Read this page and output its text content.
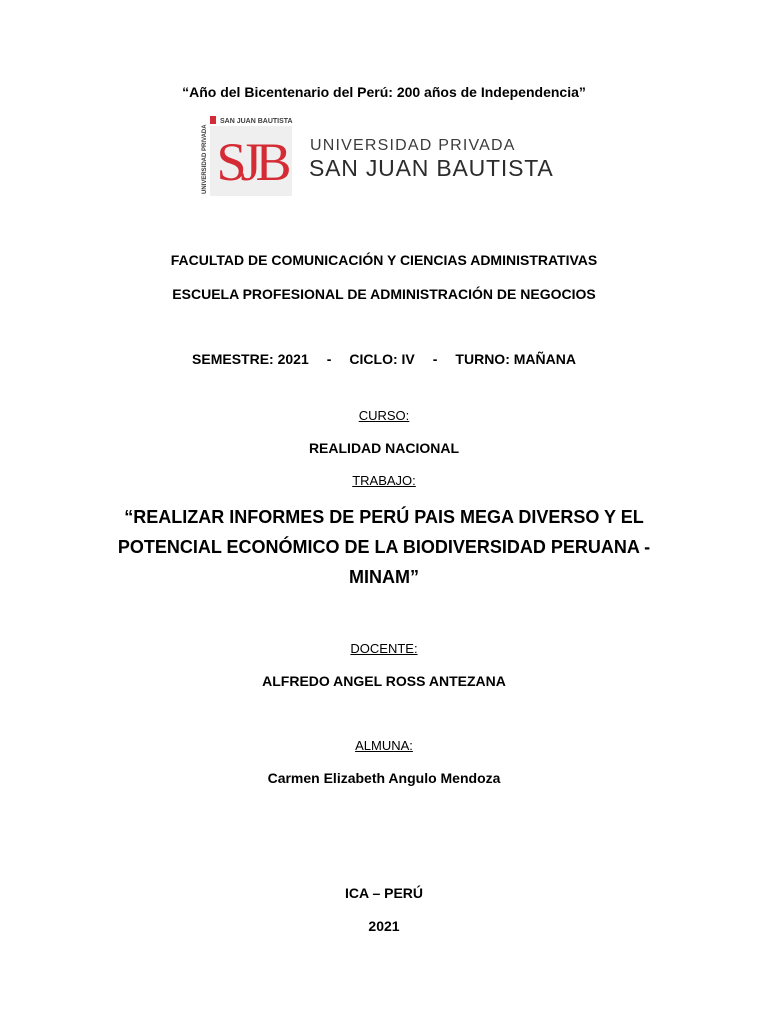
“Año del Bicentenario del Perú: 200 años de Independencia”
UNIVERSIDAD PRIVADA
SAN JUAN BAUTISTA
SJB UNIVERSIDAD PRIVADA
SAN JUAN BAUTISTA
FACULTAD DE COMUNICACIÓN Y CIENCIAS ADMINISTRATIVAS
ESCUELA PROFESIONAL DE ADMINISTRACIÓN DE NEGOCIOS
SEMESTRE: 2021 - CICLO: IV - TURNO: MAÑANA
CURSO:
REALIDAD NACIONAL
TRABAJO:
“REALIZAR INFORMES DE PERÚ PAIS MEGA DIVERSO Y EL
POTENCIAL ECONÓMICO DE LA BIODIVERSIDAD PERUANA -
MINAM”
DOCENTE:
ALFREDO ANGEL ROSS ANTEZANA
ALMUNA:
Carmen Elizabeth Angulo Mendoza
ICA – PERÚ
2021
